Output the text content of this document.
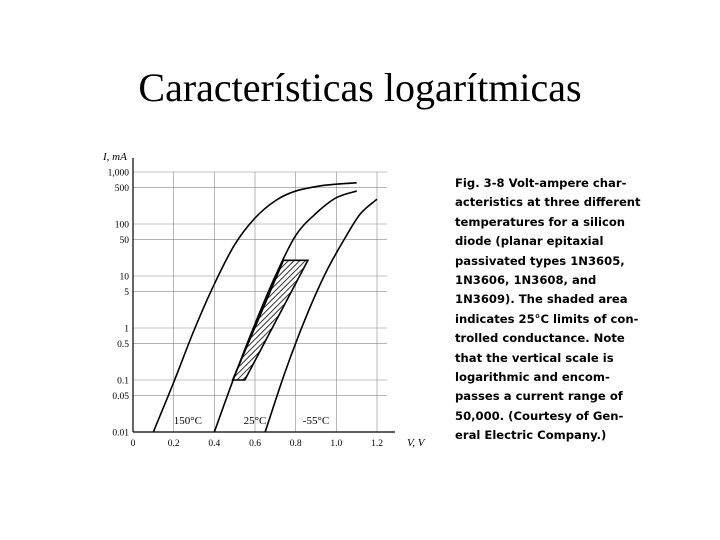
Características logarítmicas
0	0.2	0.4	0.6	0.8	1.0	1.2
0.01
0.05
0.1
0.5
1
5
10
50
100
500
1,000
I, mA
V, V
150°C	25°C	-55°C

Fig. 3-8 Volt-ampere char-
acteristics at three different
temperatures for a silicon
diode (planar epitaxial
passivated types 1N3605,
1N3606, 1N3608, and
1N3609). The shaded area
indicates 25°C limits of con-
trolled conductance. Note
that the vertical scale is
logarithmic and encom-
passes a current range of
50,000. (Courtesy of Gen-
eral Electric Company.)
